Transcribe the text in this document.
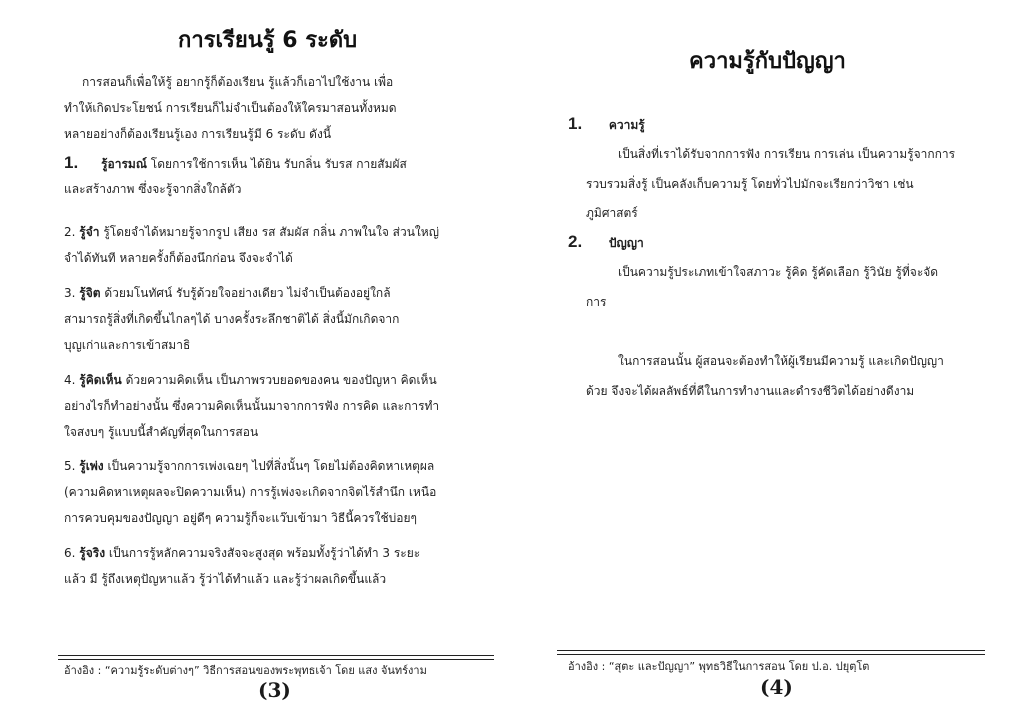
การเรียนรู้ 6 ระดับ
การสอนก็เพื่อให้รู้ อยากรู้ก็ต้องเรียน รู้แล้วก็เอาไปใช้งาน เพื่อ
ทำให้เกิดประโยชน์ การเรียนก็ไม่จำเป็นต้องให้ใครมาสอนทั้งหมด
หลายอย่างก็ต้องเรียนรู้เอง การเรียนรู้มี 6 ระดับ ดังนี้
1. รู้อารมณ์ โดยการใช้การเห็น ได้ยิน รับกลิ่น รับรส กายสัมผัส
และสร้างภาพ ซึ่งจะรู้จากสิ่งใกล้ตัว
2. รู้จำ รู้โดยจำได้หมายรู้จากรูป เสียง รส สัมผัส กลิ่น ภาพในใจ ส่วนใหญ่
จำได้ทันที หลายครั้งก็ต้องนึกก่อน จึงจะจำได้
3. รู้จิต ด้วยมโนทัศน์ รับรู้ด้วยใจอย่างเดียว ไม่จำเป็นต้องอยู่ใกล้
สามารถรู้สิ่งที่เกิดขึ้นไกลๆได้ บางครั้งระลึกชาติได้ สิ่งนี้มักเกิดจาก
บุญเก่าและการเข้าสมาธิ
4. รู้คิดเห็น ด้วยความคิดเห็น เป็นภาพรวบยอดของคน ของปัญหา คิดเห็น
อย่างไรก็ทำอย่างนั้น ซึ่งความคิดเห็นนั้นมาจากการฟัง การคิด และการทำ
ใจสงบๆ รู้แบบนี้สำคัญที่สุดในการสอน
5. รู้เพ่ง เป็นความรู้จากการเพ่งเฉยๆ ไปที่สิ่งนั้นๆ โดยไม่ต้องคิดหาเหตุผล
(ความคิดหาเหตุผลจะปิดความเห็น) การรู้เพ่งจะเกิดจากจิตไร้สำนึก เหนือ
การควบคุมของปัญญา อยู่ดีๆ ความรู้ก็จะแว๊บเข้ามา วิธีนี้ควรใช้บ่อยๆ
6. รู้จริง เป็นการรู้หลักความจริงสัจจะสูงสุด พร้อมทั้งรู้ว่าได้ทำ 3 ระยะ
แล้ว มี รู้ถึงเหตุปัญหาแล้ว รู้ว่าได้ทำแล้ว และรู้ว่าผลเกิดขึ้นแล้ว
อ้างอิง : “ความรู้ระดับต่างๆ” วิธีการสอนของพระพุทธเจ้า โดย แสง จันทร์งาม
(3)
ความรู้กับปัญญา
1. ความรู้
เป็นสิ่งที่เราได้รับจากการฟัง การเรียน การเล่น เป็นความรู้จากการ
รวบรวมสิ่งรู้ เป็นคลังเก็บความรู้ โดยทั่วไปมักจะเรียกว่าวิชา เช่น
ภูมิศาสตร์
2. ปัญญา
เป็นความรู้ประเภทเข้าใจสภาวะ รู้คิด รู้คัดเลือก รู้วินัย รู้ที่จะจัด
การ
ในการสอนนั้น ผู้สอนจะต้องทำให้ผู้เรียนมีความรู้ และเกิดปัญญา
ด้วย จึงจะได้ผลลัพธ์ที่ดีในการทำงานและดำรงชีวิตได้อย่างดีงาม
อ้างอิง : “สุตะ และปัญญา” พุทธวิธีในการสอน โดย ป.อ. ปยุตฺโต
(4)
